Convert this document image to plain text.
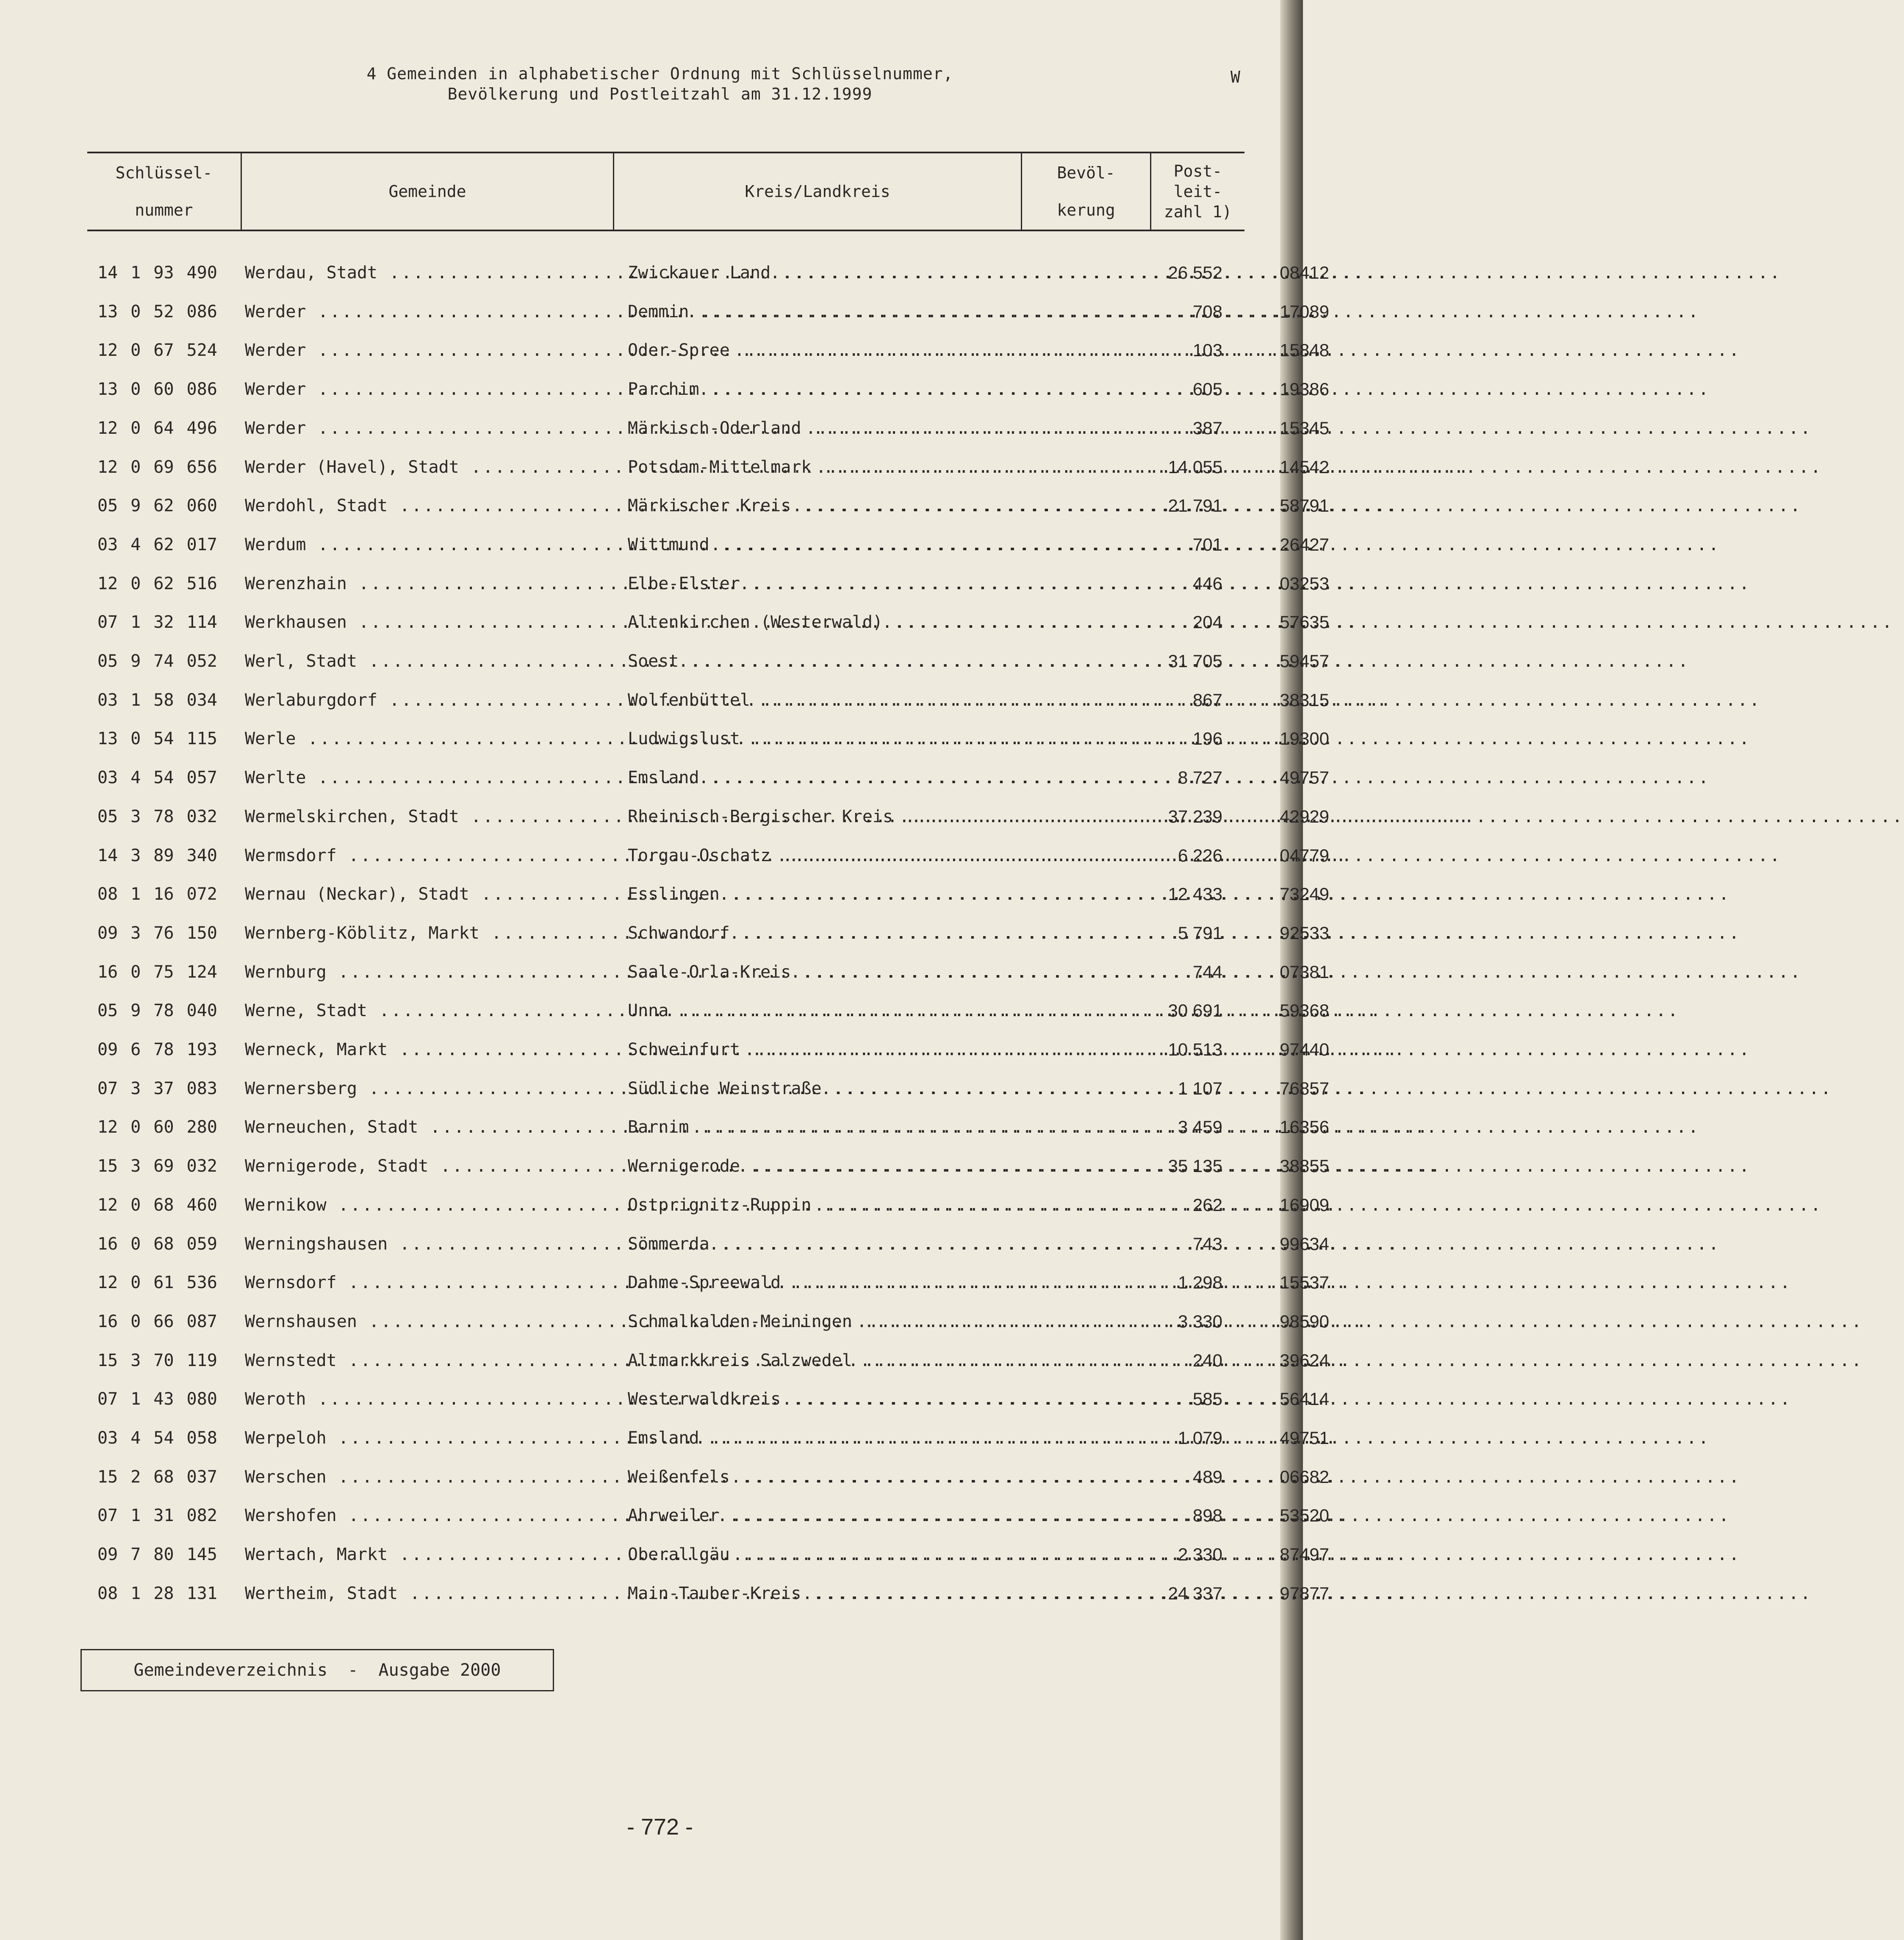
4 Gemeinden in alphabetischer Ordnung mit Schlüsselnummer,
Bevölkerung und Postleitzahl am 31.12.1999
W
Schlüssel-
nummer
Gemeinde	Kreis/Landkreis
Bevöl-
kerung
Post-
leit-
zahl 1)
14 1 93 490	Werdau, Stadt .....	Zwickauer Land .....	26 552	08412
13 0 52 086	Werder .....	Demmin .....	708	17089
12 0 67 524	Werder .....	Oder-Spree .....	103	15848
13 0 60 086	Werder .....	Parchim .....	605	19386
12 0 64 496	Werder .....	Märkisch-Oderland .....	387	15345
12 0 69 656	Werder (Havel), Stadt .....	Potsdam-Mittelmark .....	14 055	14542
05 9 62 060	Werdohl, Stadt .....	Märkischer Kreis .....	21 791	58791
03 4 62 017	Werdum .....	Wittmund .....	701	26427
12 0 62 516	Werenzhain .....	Elbe-Elster .....	446	03253
07 1 32 114	Werkhausen .....	Altenkirchen (Westerwald) .....	204	57635
05 9 74 052	Werl, Stadt .....	Soest .....	31 705	59457
03 1 58 034	Werlaburgdorf .....	Wolfenbüttel .....	867	38315
13 0 54 115	Werle .....	Ludwigslust .....	196	19300
03 4 54 057	Werlte .....	Emsland .....	8 727	49757
05 3 78 032	Wermelskirchen, Stadt .....	Rheinisch-Bergischer Kreis .....	37 239	42929
14 3 89 340	Wermsdorf .....	Torgau-Oschatz .....	6 226	04779
08 1 16 072	Wernau (Neckar), Stadt .....	Esslingen .....	12 433	73249
09 3 76 150	Wernberg-Köblitz, Markt .....	Schwandorf .....	5 791	92533
16 0 75 124	Wernburg .....	Saale-Orla-Kreis .....	744	07381
05 9 78 040	Werne, Stadt .....	Unna .....	30 691	59368
09 6 78 193	Werneck, Markt .....	Schweinfurt .....	10 513	97440
07 3 37 083	Wernersberg .....	Südliche Weinstraße .....	1 107	76857
12 0 60 280	Werneuchen, Stadt .....	Barnim .....	3 459	16356
15 3 69 032	Wernigerode, Stadt .....	Wernigerode .....	35 135	38855
12 0 68 460	Wernikow .....	Ostprignitz-Ruppin .....	262	16909
16 0 68 059	Werningshausen .....	Sömmerda .....	743	99634
12 0 61 536	Wernsdorf .....	Dahme-Spreewald .....	1 298	15537
16 0 66 087	Wernshausen .....	Schmalkalden-Meiningen .....	3 330	98590
15 3 70 119	Wernstedt .....	Altmarkkreis Salzwedel .....	240	39624
07 1 43 080	Weroth .....	Westerwaldkreis .....	585	56414
03 4 54 058	Werpeloh .....	Emsland .....	1 079	49751
15 2 68 037	Werschen .....	Weißenfels .....	489	06682
07 1 31 082	Wershofen .....	Ahrweiler .....	898	53520
09 7 80 145	Wertach, Markt .....	Oberallgäu .....	2 330	87497
08 1 28 131	Wertheim, Stadt .....	Main-Tauber-Kreis .....	24 337	97877
Gemeindeverzeichnis  -  Ausgabe 2000
- 772 -
